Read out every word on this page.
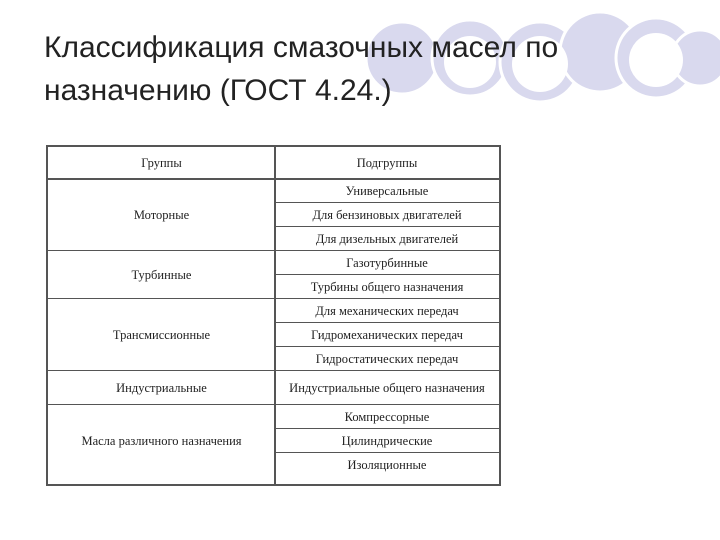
Классификация смазочных масел по назначению (ГОСТ 4.24.)
Группы	Подгруппы
Универсальные
Для бензиновых двигателей
Для дизельных двигателей
Моторные
Газотурбинные
Турбины общего назначения
Турбинные
Для механических передач
Гидромеханических передач
Гидростатических передач
Трансмиссионные
Индустриальные общего назначения
Индустриальные
Компрессорные
Цилиндрические
Изоляционные
Масла различного назначения
